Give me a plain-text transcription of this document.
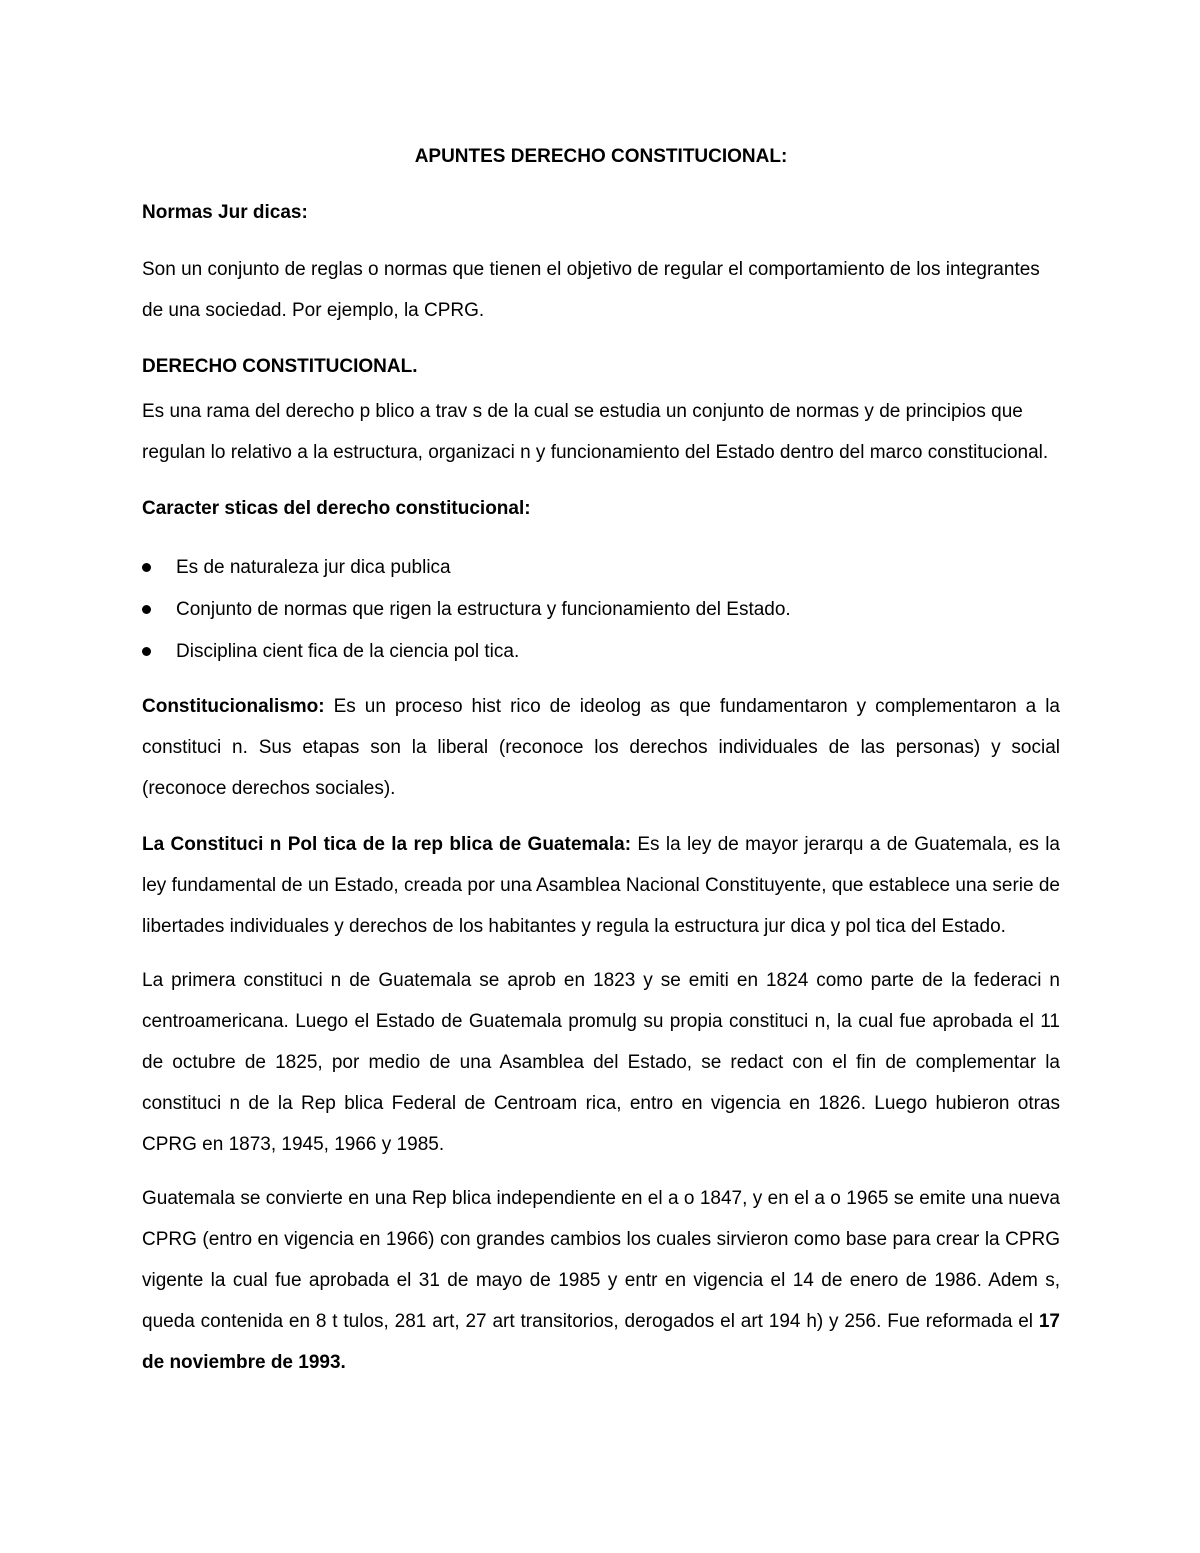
APUNTES DERECHO CONSTITUCIONAL:
Normas Jur dicas:

Son un conjunto de reglas o normas que tienen el objetivo de regular el comportamiento de los integrantes de una sociedad. Por ejemplo, la CPRG.

DERECHO CONSTITUCIONAL.

Es una rama del derecho p blico a trav s de la cual se estudia un conjunto de normas y de principios que regulan lo relativo a la estructura, organizaci n y funcionamiento del Estado dentro del marco constitucional.

Caracter sticas del derecho constitucional:
Es de naturaleza jur dica publica
Conjunto de normas que rigen la estructura y funcionamiento del Estado.
Disciplina cient fica de la ciencia pol tica.

Constitucionalismo: Es un proceso hist rico de ideolog as que fundamentaron y complementaron a la constituci n. Sus etapas son la liberal (reconoce los derechos individuales de las personas) y social (reconoce derechos sociales).

La Constituci n Pol tica de la rep blica de Guatemala: Es la ley de mayor jerarqu a de Guatemala, es la ley fundamental de un Estado, creada por una Asamblea Nacional Constituyente, que establece una serie de libertades individuales y derechos de los habitantes y regula la estructura jur dica y pol tica del Estado.

La primera constituci n de Guatemala se aprob en 1823 y se emiti en 1824 como parte de la federaci n centroamericana. Luego el Estado de Guatemala promulg su propia constituci n, la cual fue aprobada el 11 de octubre de 1825, por medio de una Asamblea del Estado, se redact con el fin de complementar la constituci n de la Rep blica Federal de Centroam rica, entro en vigencia en 1826. Luego hubieron otras CPRG en 1873, 1945, 1966 y 1985.

Guatemala se convierte en una Rep blica independiente en el a o 1847, y en el a o 1965 se emite una nueva CPRG (entro en vigencia en 1966) con grandes cambios los cuales sirvieron como base para crear la CPRG vigente la cual fue aprobada el 31 de mayo de 1985 y entr en vigencia el 14 de enero de 1986. Adem s, queda contenida en 8 t tulos, 281 art, 27 art transitorios, derogados el art 194 h) y 256. Fue reformada el 17 de noviembre de 1993.
